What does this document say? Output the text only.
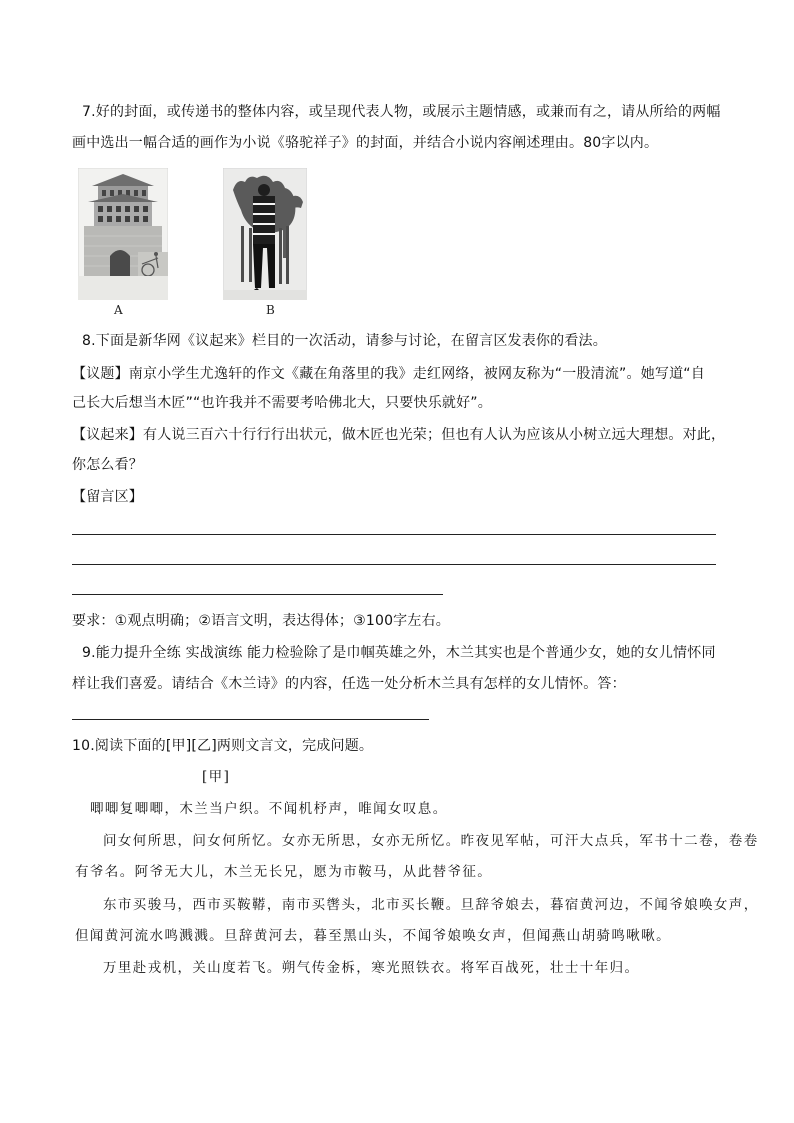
7.好的封面，或传递书的整体内容，或呈现代表人物，或展示主题情感，或兼而有之，请从所给的两幅
画中选出一幅合适的画作为小说《骆驼祥子》的封面，并结合小说内容阐述理由。80字以内。
A	B
8.下面是新华网《议起来》栏目的一次活动，请参与讨论，在留言区发表你的看法。
【议题】南京小学生尤逸轩的作文《藏在角落里的我》走红网络，被网友称为“一股清流”。她写道“自
己长大后想当木匠”“也许我并不需要考哈佛北大，只要快乐就好”。
【议起来】有人说三百六十行行行出状元，做木匠也光荣；但也有人认为应该从小树立远大理想。对此，
你怎么看？
【留言区】
要求：①观点明确；②语言文明，表达得体；③100字左右。
9.能力提升全练 实战演练 能力检验除了是巾帼英雄之外，木兰其实也是个普通少女，她的女儿情怀同
样让我们喜爱。请结合《木兰诗》的内容，任选一处分析木兰具有怎样的女儿情怀。答：
10.阅读下面的[甲][乙]两则文言文，完成问题。
[甲]
唧唧复唧唧，木兰当户织。不闻机杼声，唯闻女叹息。
问女何所思，问女何所忆。女亦无所思，女亦无所忆。昨夜见军帖，可汗大点兵，军书十二卷，卷卷
有爷名。阿爷无大儿，木兰无长兄，愿为市鞍马，从此替爷征。
东市买骏马，西市买鞍鞯，南市买辔头，北市买长鞭。旦辞爷娘去，暮宿黄河边，不闻爷娘唤女声，
但闻黄河流水鸣溅溅。旦辞黄河去，暮至黑山头，不闻爷娘唤女声，但闻燕山胡骑鸣啾啾。
万里赴戎机，关山度若飞。朔气传金柝，寒光照铁衣。将军百战死，壮士十年归。
